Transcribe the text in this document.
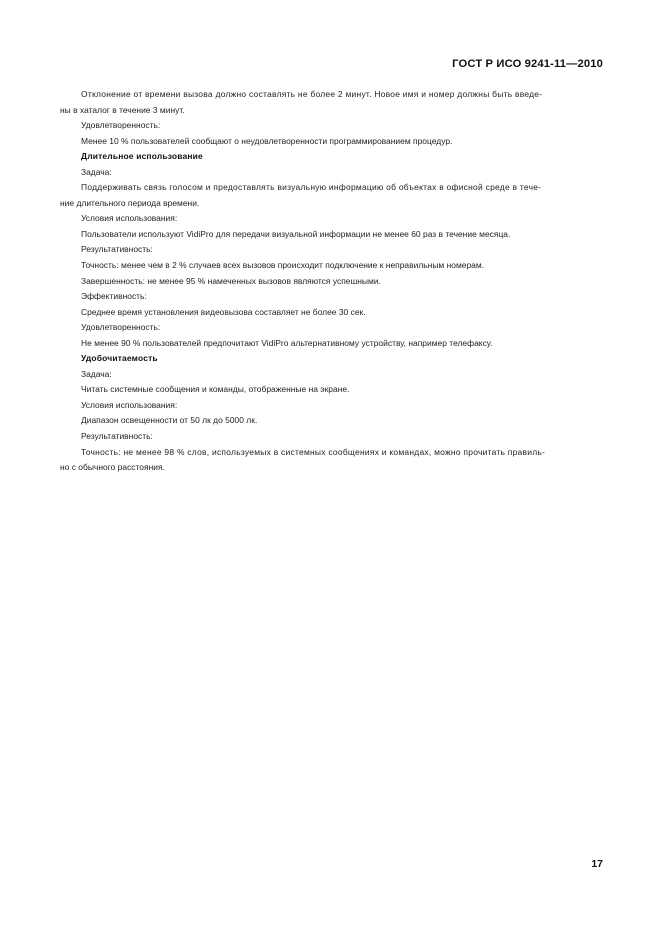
ГОСТ Р ИСО 9241-11—2010
Отклонение от времени вызова должно составлять не более 2 минут. Новое имя и номер должны быть введе-
ны в хаталог в течение 3 минут.
Удовлетворенность:
Менее 10 % пользователей сообщают о неудовлетворенности программированием процедур.
Длительное использование
Задача:
Поддерживать связь голосом и предоставлять визуальную информацию об объектах в офисной среде в тече-
ние длительного периода времени.
Условия использования:
Пользователи используют VidiPro для передачи визуальной информации не менее 60 раз в течение месяца.
Результативность:
Точность: менее чем в 2 % случаев всех вызовов происходит подключение к неправильным номерам.
Завершенность: не менее 95 % намеченных вызовов являются успешными.
Эффективность:
Среднее время установления видеовызова составляет не более 30 сек.
Удовлетворенность:
Не менее 90 % пользователей предпочитают VidiPro альтернативному устройству, например телефаксу.
Удобочитаемость
Задача:
Читать системные сообщения и команды, отображенные на экране.
Условия использования:
Диапазон освещенности от 50 лк до 5000 лк.
Результативность:
Точность: не менее 98 % слов, используемых в системных сообщениях и командах, можно прочитать правиль-
но с обычного расстояния.
17
